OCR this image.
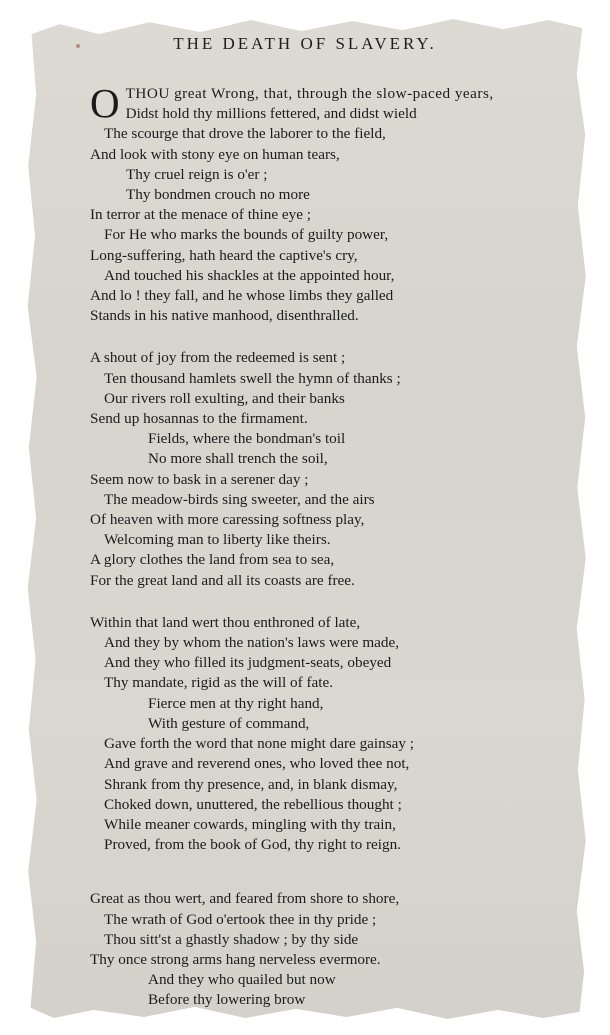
THE DEATH OF SLAVERY.
O THOU great Wrong, that, through the slow-paced years,
Didst hold thy millions fettered, and didst wield
The scourge that drove the laborer to the field,
And look with stony eye on human tears,
Thy cruel reign is o'er ;
Thy bondmen crouch no more
In terror at the menace of thine eye ;
For He who marks the bounds of guilty power,
Long-suffering, hath heard the captive's cry,
And touched his shackles at the appointed hour,
And lo ! they fall, and he whose limbs they galled
Stands in his native manhood, disenthralled.
A shout of joy from the redeemed is sent ;
Ten thousand hamlets swell the hymn of thanks ;
Our rivers roll exulting, and their banks
Send up hosannas to the firmament.
Fields, where the bondman's toil
No more shall trench the soil,
Seem now to bask in a serener day ;
The meadow-birds sing sweeter, and the airs
Of heaven with more caressing softness play,
Welcoming man to liberty like theirs.
A glory clothes the land from sea to sea,
For the great land and all its coasts are free.
Within that land wert thou enthroned of late,
And they by whom the nation's laws were made,
And they who filled its judgment-seats, obeyed
Thy mandate, rigid as the will of fate.
Fierce men at thy right hand,
With gesture of command,
Gave forth the word that none might dare gainsay ;
And grave and reverend ones, who loved thee not,
Shrank from thy presence, and, in blank dismay,
Choked down, unuttered, the rebellious thought ;
While meaner cowards, mingling with thy train,
Proved, from the book of God, thy right to reign.
Great as thou wert, and feared from shore to shore,
The wrath of God o'ertook thee in thy pride ;
Thou sitt'st a ghastly shadow ; by thy side
Thy once strong arms hang nerveless evermore.
And they who quailed but now
Before thy lowering brow
